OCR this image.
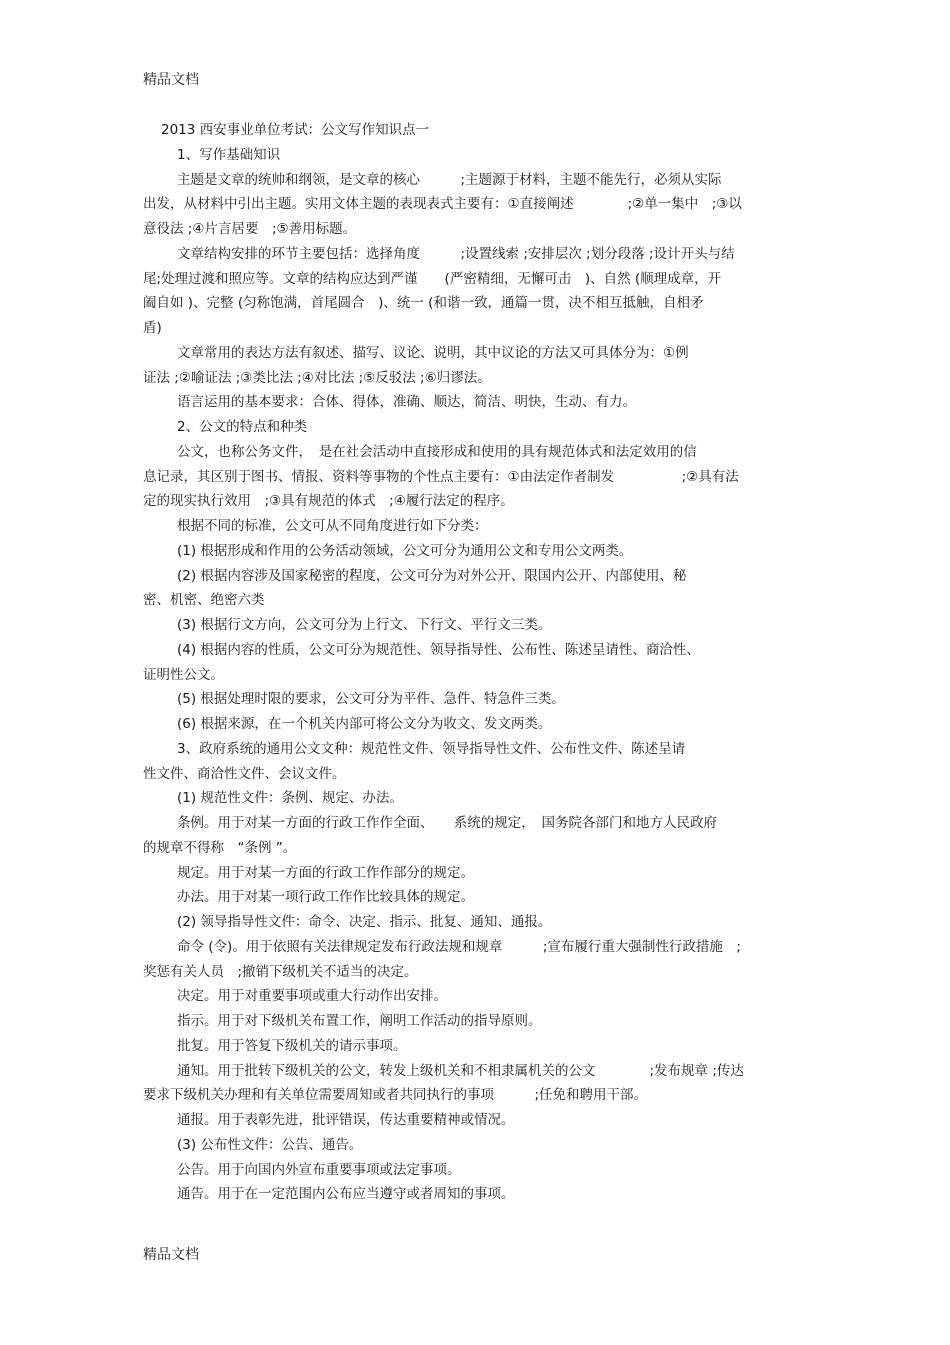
精品文档
2013 西安事业单位考试：公文写作知识点一
1、写作基础知识
主题是文章的统帅和纲领，是文章的核心　　　;主题源于材料，主题不能先行，必须从实际
出发，从材料中引出主题。实用文体主题的表现表式主要有：①直接阐述　　　　;②单一集中　;③以
意役法 ;④片言居要　;⑤善用标题。
文章结构安排的环节主要包括：选择角度　　　;设置线索 ;安排层次 ;划分段落 ;设计开头与结
尾;处理过渡和照应等。文章的结构应达到严谨　　(严密精细，无懈可击　)、自然 (顺理成章，开
阖自如 )、完整 (匀称饱满，首尾圆合　)、统一 (和谐一致，通篇一贯，决不相互抵触，自相矛
盾)
文章常用的表达方法有叙述、描写、议论、说明，其中议论的方法又可具体分为：①例
证法 ;②喻证法 ;③类比法 ;④对比法 ;⑤反驳法 ;⑥归谬法。
语言运用的基本要求：合体、得体，准确、顺达，简洁、明快，生动、有力。
2、公文的特点和种类
公文，也称公务文件，　是在社会活动中直接形成和使用的具有规范体式和法定效用的信
息记录，其区别于图书、情报、资料等事物的个性点主要有：①由法定作者制发　　　　　;②具有法
定的现实执行效用　;③具有规范的体式　;④履行法定的程序。
根据不同的标准，公文可从不同角度进行如下分类：
(1) 根据形成和作用的公务活动领域，公文可分为通用公文和专用公文两类。
(2) 根据内容涉及国家秘密的程度，公文可分为对外公开、限国内公开、内部使用、秘
密、机密、绝密六类
(3) 根据行文方向，公文可分为上行文、下行文、平行文三类。
(4) 根据内容的性质，公文可分为规范性、领导指导性、公布性、陈述呈请性、商洽性、
证明性公文。
(5) 根据处理时限的要求，公文可分为平件、急件、特急件三类。
(6) 根据来源，在一个机关内部可将公文分为收文、发文两类。
3、政府系统的通用公文文种：规范性文件、领导指导性文件、公布性文件、陈述呈请
性文件、商洽性文件、会议文件。
(1) 规范性文件：条例、规定、办法。
条例。用于对某一方面的行政工作作全面、　　系统的规定，　国务院各部门和地方人民政府
的规章不得称　“条例 ”。
规定。用于对某一方面的行政工作作部分的规定。
办法。用于对某一项行政工作作比较具体的规定。
(2) 领导指导性文件：命令、决定、指示、批复、通知、通报。
命令 (令)。用于依照有关法律规定发布行政法规和规章　　　;宣布履行重大强制性行政措施　;
奖惩有关人员　;撤销下级机关不适当的决定。
决定。用于对重要事项或重大行动作出安排。
指示。用于对下级机关布置工作，阐明工作活动的指导原则。
批复。用于答复下级机关的请示事项。
通知。用于批转下级机关的公文，转发上级机关和不相隶属机关的公文　　　　;发布规章 ;传达
要求下级机关办理和有关单位需要周知或者共同执行的事项　　　;任免和聘用干部。
通报。用于表彰先进，批评错误，传达重要精神或情况。
(3) 公布性文件：公告、通告。
公告。用于向国内外宣布重要事项或法定事项。
通告。用于在一定范围内公布应当遵守或者周知的事项。
精品文档
